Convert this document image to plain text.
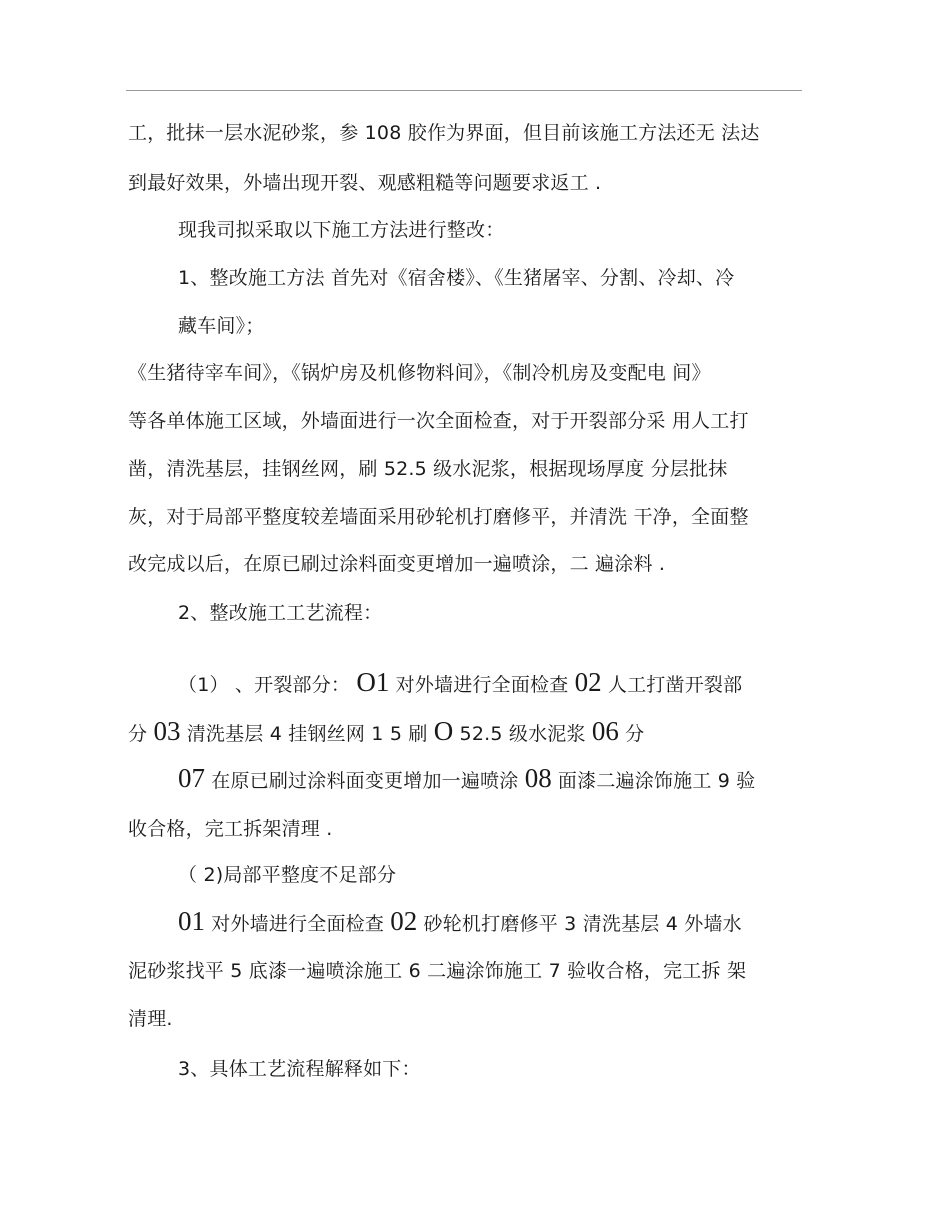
工，批抹一层水泥砂浆，参 108 胶作为界面，但目前该施工方法还无 法达
到最好效果，外墙出现开裂、观感粗糙等问题要求返工 .
现我司拟采取以下施工方法进行整改：
1、整改施工方法 首先对《宿舍楼》、《生猪屠宰、分割、冷却、冷
藏车间》；
《生猪待宰车间》，《锅炉房及机修物料间》，《制冷机房及变配电 间》
等各单体施工区域，外墙面进行一次全面检查，对于开裂部分采 用人工打
凿，清洗基层，挂钢丝网，刷 52.5 级水泥浆，根据现场厚度 分层批抹
灰，对于局部平整度较差墙面采用砂轮机打磨修平，并清洗 干净，全面整
改完成以后，在原已刷过涂料面变更增加一遍喷涂，二 遍涂料 .
2、整改施工工艺流程：
（1） 、开裂部分： O1 对外墙进行全面检查 02 人工打凿开裂部
分 03 清洗基层 4 挂钢丝网 1 5 刷 O 52.5 级水泥浆 06 分
07 在原已刷过涂料面变更增加一遍喷涂 08 面漆二遍涂饰施工 9 验
收合格，完工拆架清理 .
（ 2)局部平整度不足部分
01 对外墙进行全面检查 02 砂轮机打磨修平 3 清洗基层 4 外墙水
泥砂浆找平 5 底漆一遍喷涂施工 6 二遍涂饰施工 7 验收合格，完工拆 架
清理.
3、具体工艺流程解释如下：
